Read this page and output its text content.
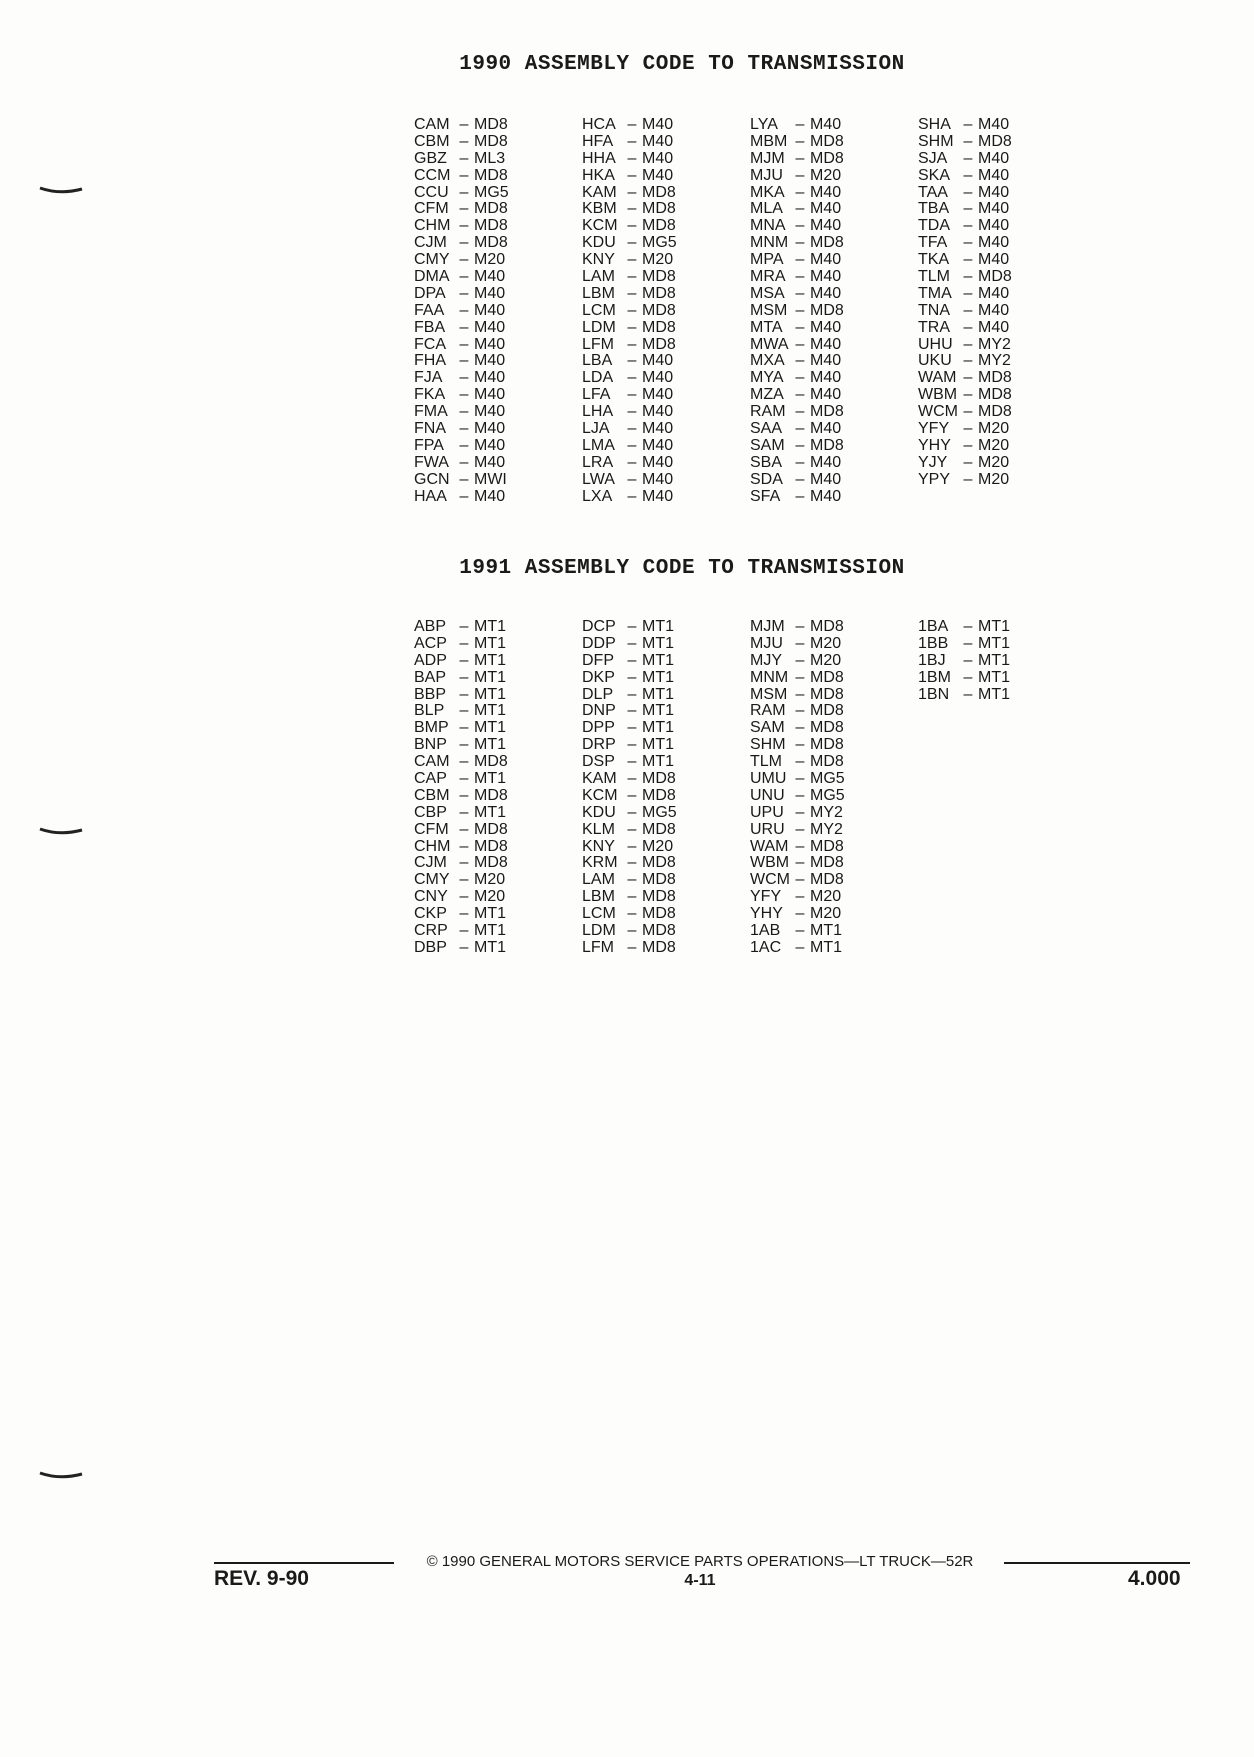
1990 ASSEMBLY CODE TO TRANSMISSION
CAM – MD8
CBM – MD8
GBZ – ML3
CCM – MD8
CCU – MG5
CFM – MD8
CHM – MD8
CJM – MD8
CMY – M20
DMA – M40
DPA – M40
FAA – M40
FBA – M40
FCA – M40
FHA – M40
FJA	– M40
FKA – M40
FMA – M40
FNA – M40
FPA – M40
FWA – M40
GCN – MWI
HAA – M40
HCA – M40
HFA – M40
HHA – M40
HKA – M40
KAM – MD8
KBM – MD8
KCM – MD8
KDU – MG5
KNY – M20
LAM – MD8
LBM – MD8
LCM – MD8
LDM – MD8
LFM – MD8
LBA – M40
LDA – M40
LFA	– M40
LHA – M40
LJA	– M40
LMA – M40
LRA – M40
LWA – M40
LXA – M40
LYA	– M40
MBM – MD8
MJM – MD8
MJU – M20
MKA – M40
MLA – M40
MNA – M40
MNM – MD8
MPA – M40
MRA – M40
MSA – M40
MSM – MD8
MTA – M40
MWA – M40
MXA – M40
MYA – M40
MZA – M40
RAM – MD8
SAA – M40
SAM – MD8
SBA – M40
SDA – M40
SFA – M40
SHA – M40
SHM – MD8
SJA	– M40
SKA – M40
TAA – M40
TBA – M40
TDA – M40
TFA	– M40
TKA – M40
TLM – MD8
TMA – M40
TNA – M40
TRA – M40
UHU – MY2
UKU – MY2
WAM – MD8
WBM – MD8
WCM – MD8
YFY – M20
YHY – M20
YJY	– M20
YPY – M20
1991 ASSEMBLY CODE TO TRANSMISSION
ABP – MT1
ACP – MT1
ADP – MT1
BAP – MT1
BBP – MT1
BLP – MT1
BMP – MT1
BNP – MT1
CAM – MD8
CAP – MT1
CBM – MD8
CBP – MT1
CFM – MD8
CHM – MD8
CJM – MD8
CMY – M20
CNY – M20
CKP – MT1
CRP – MT1
DBP – MT1
DCP – MT1
DDP – MT1
DFP – MT1
DKP – MT1
DLP – MT1
DNP – MT1
DPP – MT1
DRP – MT1
DSP – MT1
KAM – MD8
KCM – MD8
KDU – MG5
KLM – MD8
KNY – M20
KRM – MD8
LAM – MD8
LBM – MD8
LCM – MD8
LDM – MD8
LFM – MD8
MJM – MD8
MJU – M20
MJY – M20
MNM – MD8
MSM – MD8
RAM – MD8
SAM – MD8
SHM – MD8
TLM – MD8
UMU – MG5
UNU – MG5
UPU – MY2
URU – MY2
WAM – MD8
WBM – MD8
WCM – MD8
YFY – M20
YHY – M20
1AB – MT1
1AC – MT1
1BA – MT1
1BB – MT1
1BJ	– MT1
1BM – MT1
1BN – MT1
© 1990 GENERAL MOTORS SERVICE PARTS OPERATIONS—LT TRUCK—52R
4-11
REV. 9-90	4.000
